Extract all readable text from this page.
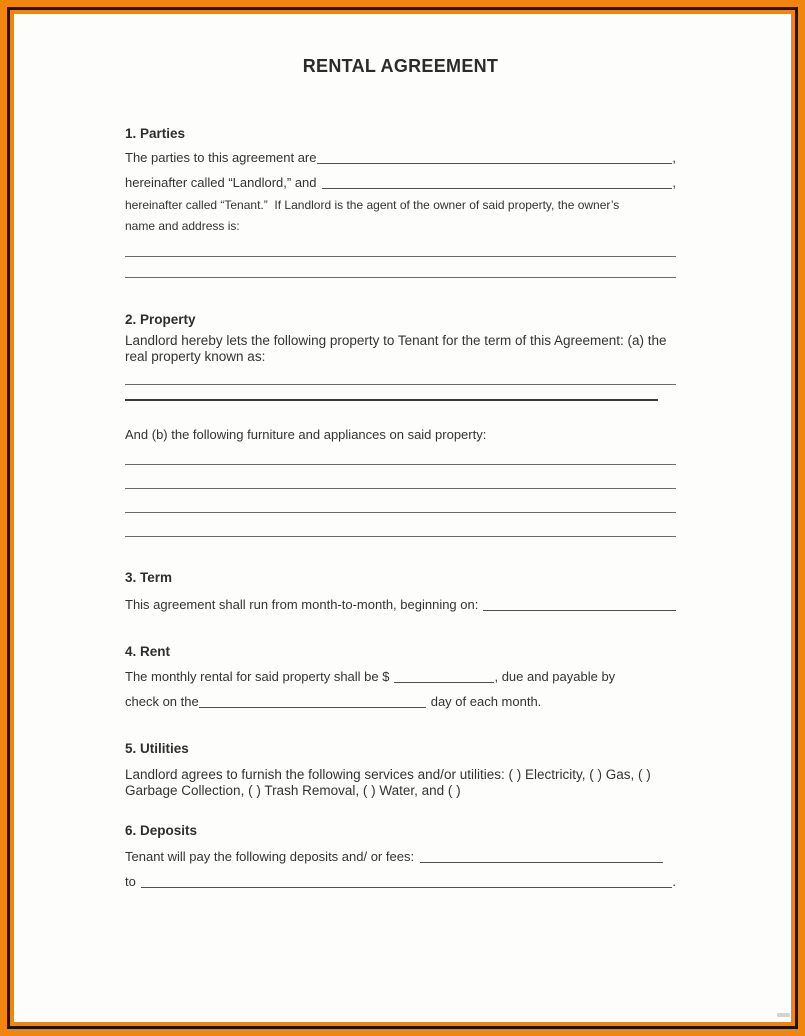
RENTAL AGREEMENT
1. Parties
The parties to this agreement are	,
hereinafter called “Landlord,” and	,
hereinafter called “Tenant.”  If Landlord is the agent of the owner of said property, the owner’s
name and address is:
2. Property
Landlord hereby lets the following property to Tenant for the term of this Agreement: (a) the real property known as:
And (b) the following furniture and appliances on said property:
3. Term
This agreement shall run from month-to-month, beginning on:
4. Rent
The monthly rental for said property shall be $	, due and payable by
check on the	day of each month.
5. Utilities
Landlord agrees to furnish the following services and/or utilities: ( ) Electricity, ( ) Gas, ( ) Garbage Collection, ( ) Trash Removal, ( ) Water, and ( )
6. Deposits
Tenant will pay the following deposits and/ or fees:
to	.
